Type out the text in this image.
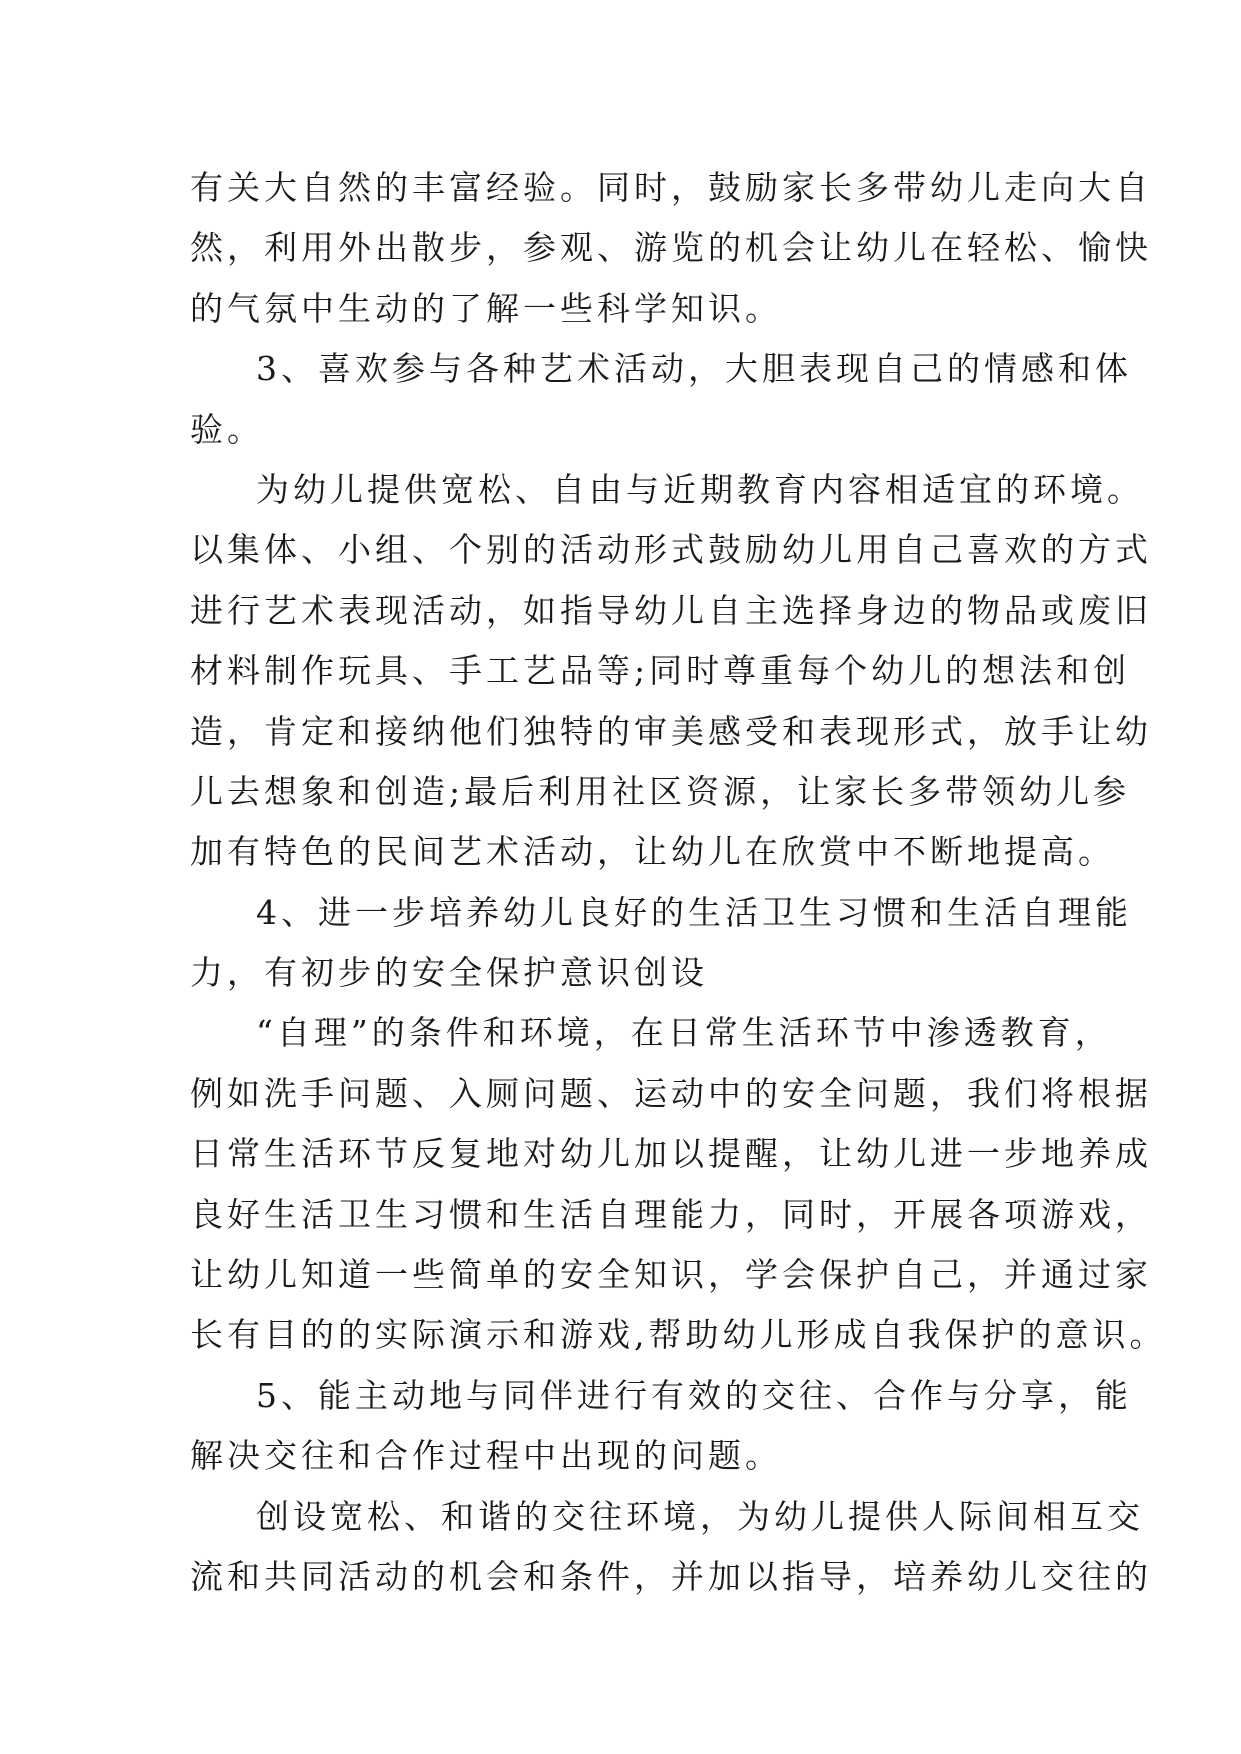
有关大自然的丰富经验。同时，鼓励家长多带幼儿走向大自
然，利用外出散步，参观、游览的机会让幼儿在轻松、愉快
的气氛中生动的了解一些科学知识。
3、喜欢参与各种艺术活动，大胆表现自己的情感和体
验。
为幼儿提供宽松、自由与近期教育内容相适宜的环境。
以集体、小组、个别的活动形式鼓励幼儿用自己喜欢的方式
进行艺术表现活动，如指导幼儿自主选择身边的物品或废旧
材料制作玩具、手工艺品等;同时尊重每个幼儿的想法和创
造，肯定和接纳他们独特的审美感受和表现形式，放手让幼
儿去想象和创造;最后利用社区资源，让家长多带领幼儿参
加有特色的民间艺术活动，让幼儿在欣赏中不断地提高。
4、进一步培养幼儿良好的生活卫生习惯和生活自理能
力，有初步的安全保护意识创设
“自理”的条件和环境，在日常生活环节中渗透教育，
例如洗手问题、入厕问题、运动中的安全问题，我们将根据
日常生活环节反复地对幼儿加以提醒，让幼儿进一步地养成
良好生活卫生习惯和生活自理能力，同时，开展各项游戏，
让幼儿知道一些简单的安全知识，学会保护自己，并通过家
长有目的的实际演示和游戏,帮助幼儿形成自我保护的意识。
5、能主动地与同伴进行有效的交往、合作与分享，能
解决交往和合作过程中出现的问题。
创设宽松、和谐的交往环境，为幼儿提供人际间相互交
流和共同活动的机会和条件，并加以指导，培养幼儿交往的
